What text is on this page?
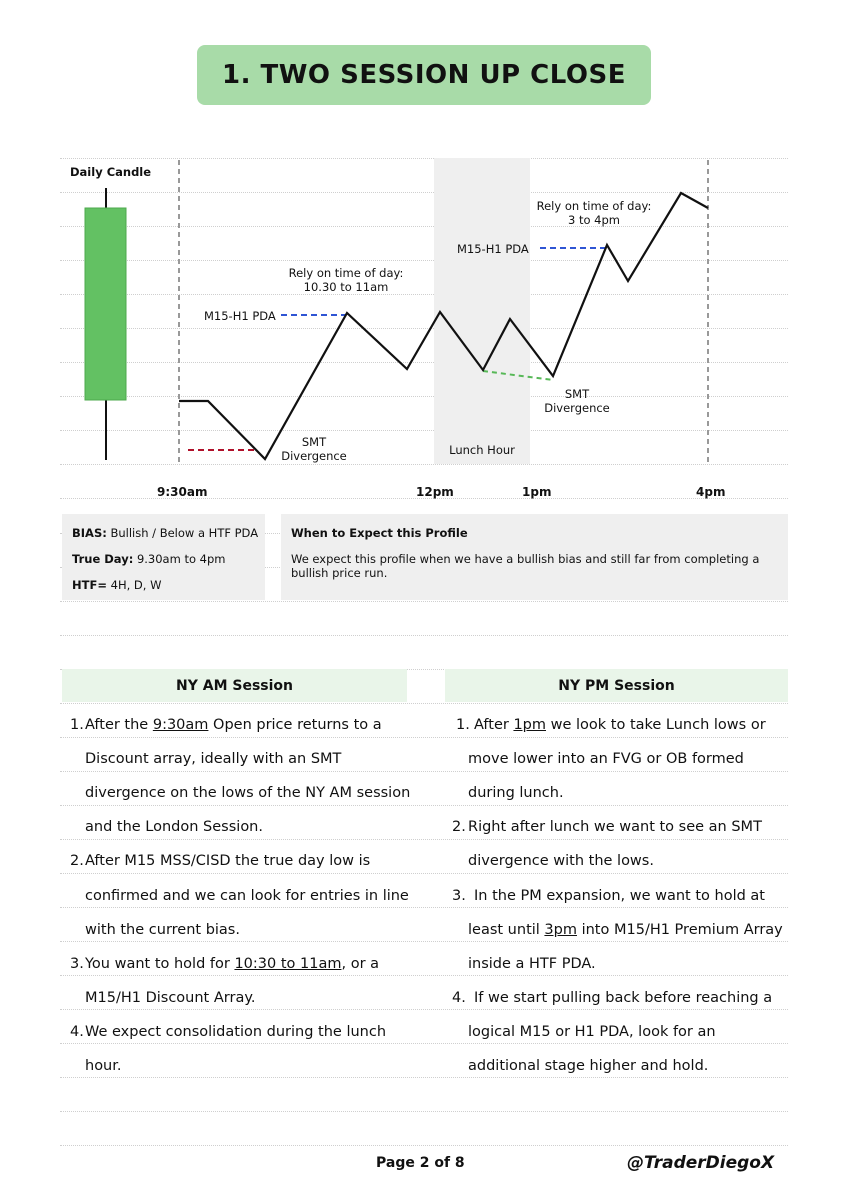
1. TWO SESSION UP CLOSE
Daily Candle
Rely on time of day:
10.30 to 11am
Rely on time of day:
3 to 4pm
M15-H1 PDA
M15-H1 PDA
SMT
Divergence
SMT
Divergence
Lunch Hour
9:30am	12pm	1pm	4pm
BIAS: Bullish / Below a HTF PDA
True Day: 9.30am to 4pm
HTF= 4H, D, W
When to Expect this Profile
We expect this profile when we have a bullish bias and still far from completing a
bullish price run.
NY AM Session	NY PM Session
1. After the 9:30am Open price returns to a
Discount array, ideally with an SMT
divergence on the lows of the NY AM session
and the London Session.
2. After M15 MSS/CISD the true day low is
confirmed and we can look for entries in line
with the current bias.
3. You want to hold for 10:30 to 11am, or a
M15/H1 Discount Array.
4. We expect consolidation during the lunch
hour.
1. After 1pm we look to take Lunch lows or
move lower into an FVG or OB formed
during lunch.
2. Right after lunch we want to see an SMT
divergence with the lows.
3. In the PM expansion, we want to hold at
least until 3pm into M15/H1 Premium Array
inside a HTF PDA.
4. If we start pulling back before reaching a
logical M15 or H1 PDA, look for an
additional stage higher and hold.
Page 2 of 8	@TraderDiegoX
